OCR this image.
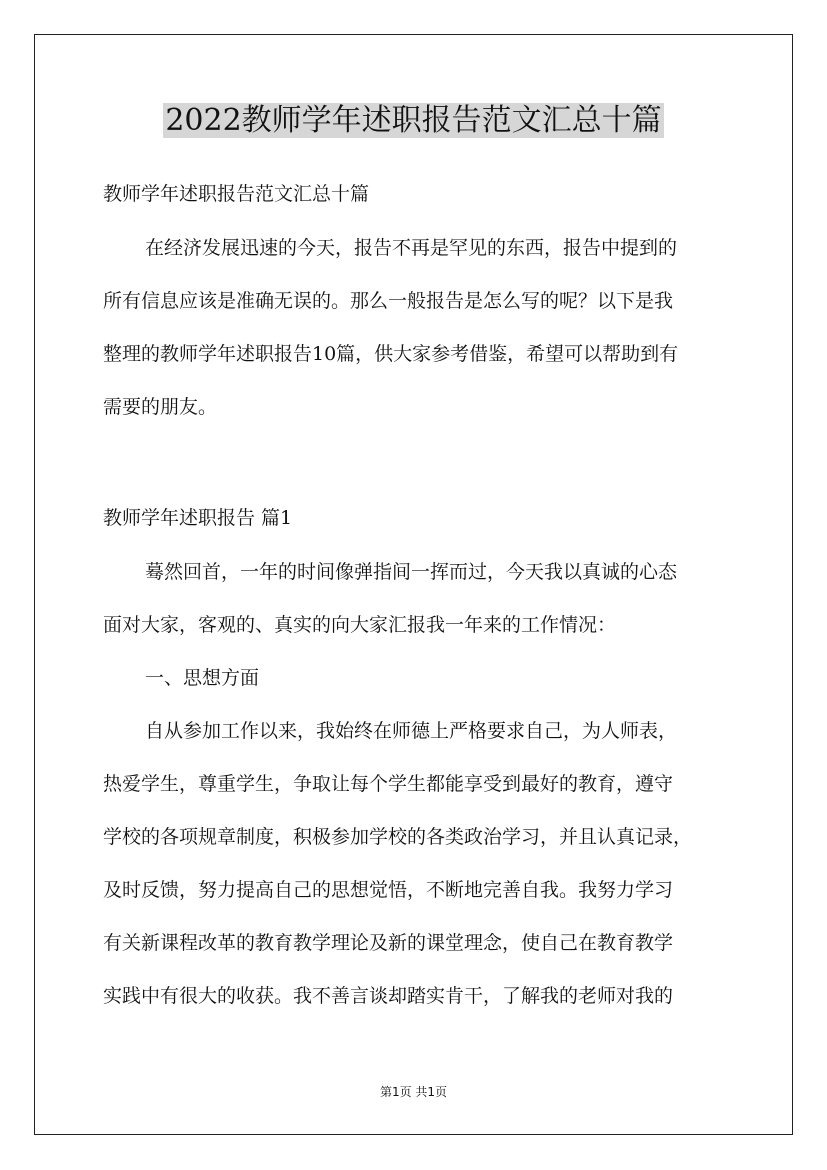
2022教师学年述职报告范文汇总十篇
教师学年述职报告范文汇总十篇
在经济发展迅速的今天，报告不再是罕见的东西，报告中提到的
所有信息应该是准确无误的。那么一般报告是怎么写的呢？以下是我
整理的教师学年述职报告10篇，供大家参考借鉴，希望可以帮助到有
需要的朋友。
教师学年述职报告 篇1
蓦然回首，一年的时间像弹指间一挥而过，今天我以真诚的心态
面对大家，客观的、真实的向大家汇报我一年来的工作情况：
一、思想方面
自从参加工作以来，我始终在师德上严格要求自己，为人师表，
热爱学生，尊重学生，争取让每个学生都能享受到最好的教育，遵守
学校的各项规章制度，积极参加学校的各类政治学习，并且认真记录，
及时反馈，努力提高自己的思想觉悟，不断地完善自我。我努力学习
有关新课程改革的教育教学理论及新的课堂理念，使自己在教育教学
实践中有很大的收获。我不善言谈却踏实肯干，了解我的老师对我的
第1页 共1页
